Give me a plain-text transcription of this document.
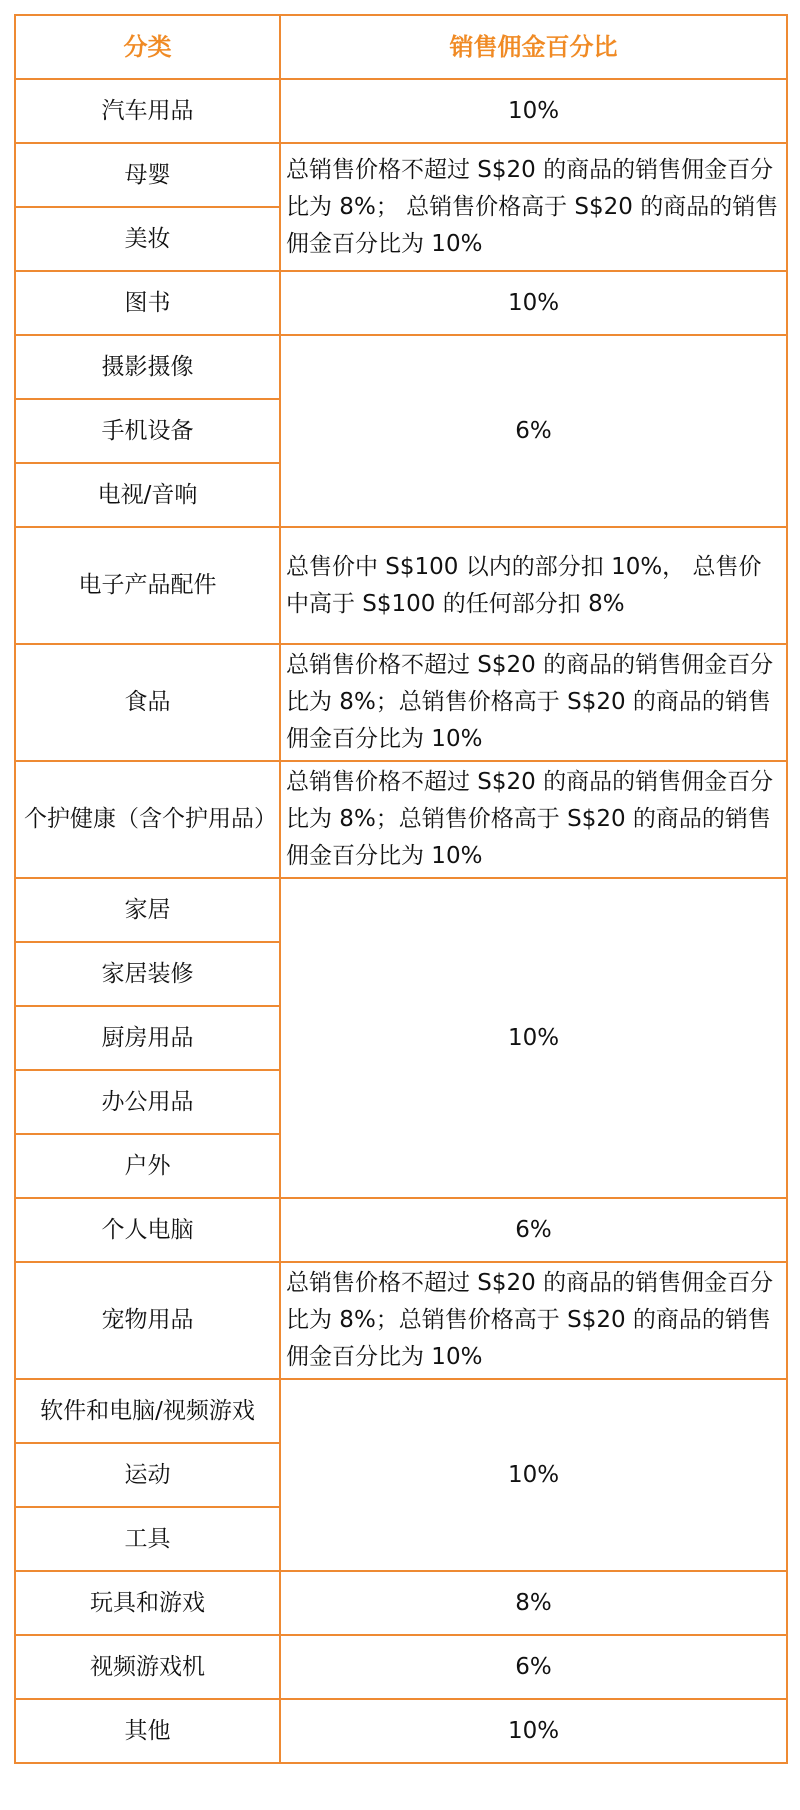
分类	销售佣金百分比
汽车用品	10%
母婴	总销售价格不超过 S$20 的商品的销售佣金百分比为 8%； 总销售价格高于 S$20 的商品的销售佣金百分比为 10%
美妆	
图书	10%
摄影摄像	6%
手机设备	
电视/音响	
电子产品配件	总售价中 S$100 以内的部分扣 10%， 总售价中高于 S$100 的任何部分扣 8%
食品	总销售价格不超过 S$20 的商品的销售佣金百分比为 8%；总销售价格高于 S$20 的商品的销售佣金百分比为 10%
个护健康（含个护用品）	总销售价格不超过 S$20 的商品的销售佣金百分比为 8%；总销售价格高于 S$20 的商品的销售佣金百分比为 10%
家居	10%
家居装修	
厨房用品	
办公用品	
户外	
个人电脑	6%
宠物用品	总销售价格不超过 S$20 的商品的销售佣金百分比为 8%；总销售价格高于 S$20 的商品的销售佣金百分比为 10%
软件和电脑/视频游戏	10%
运动	
工具	
玩具和游戏	8%
视频游戏机	6%
其他	10%
